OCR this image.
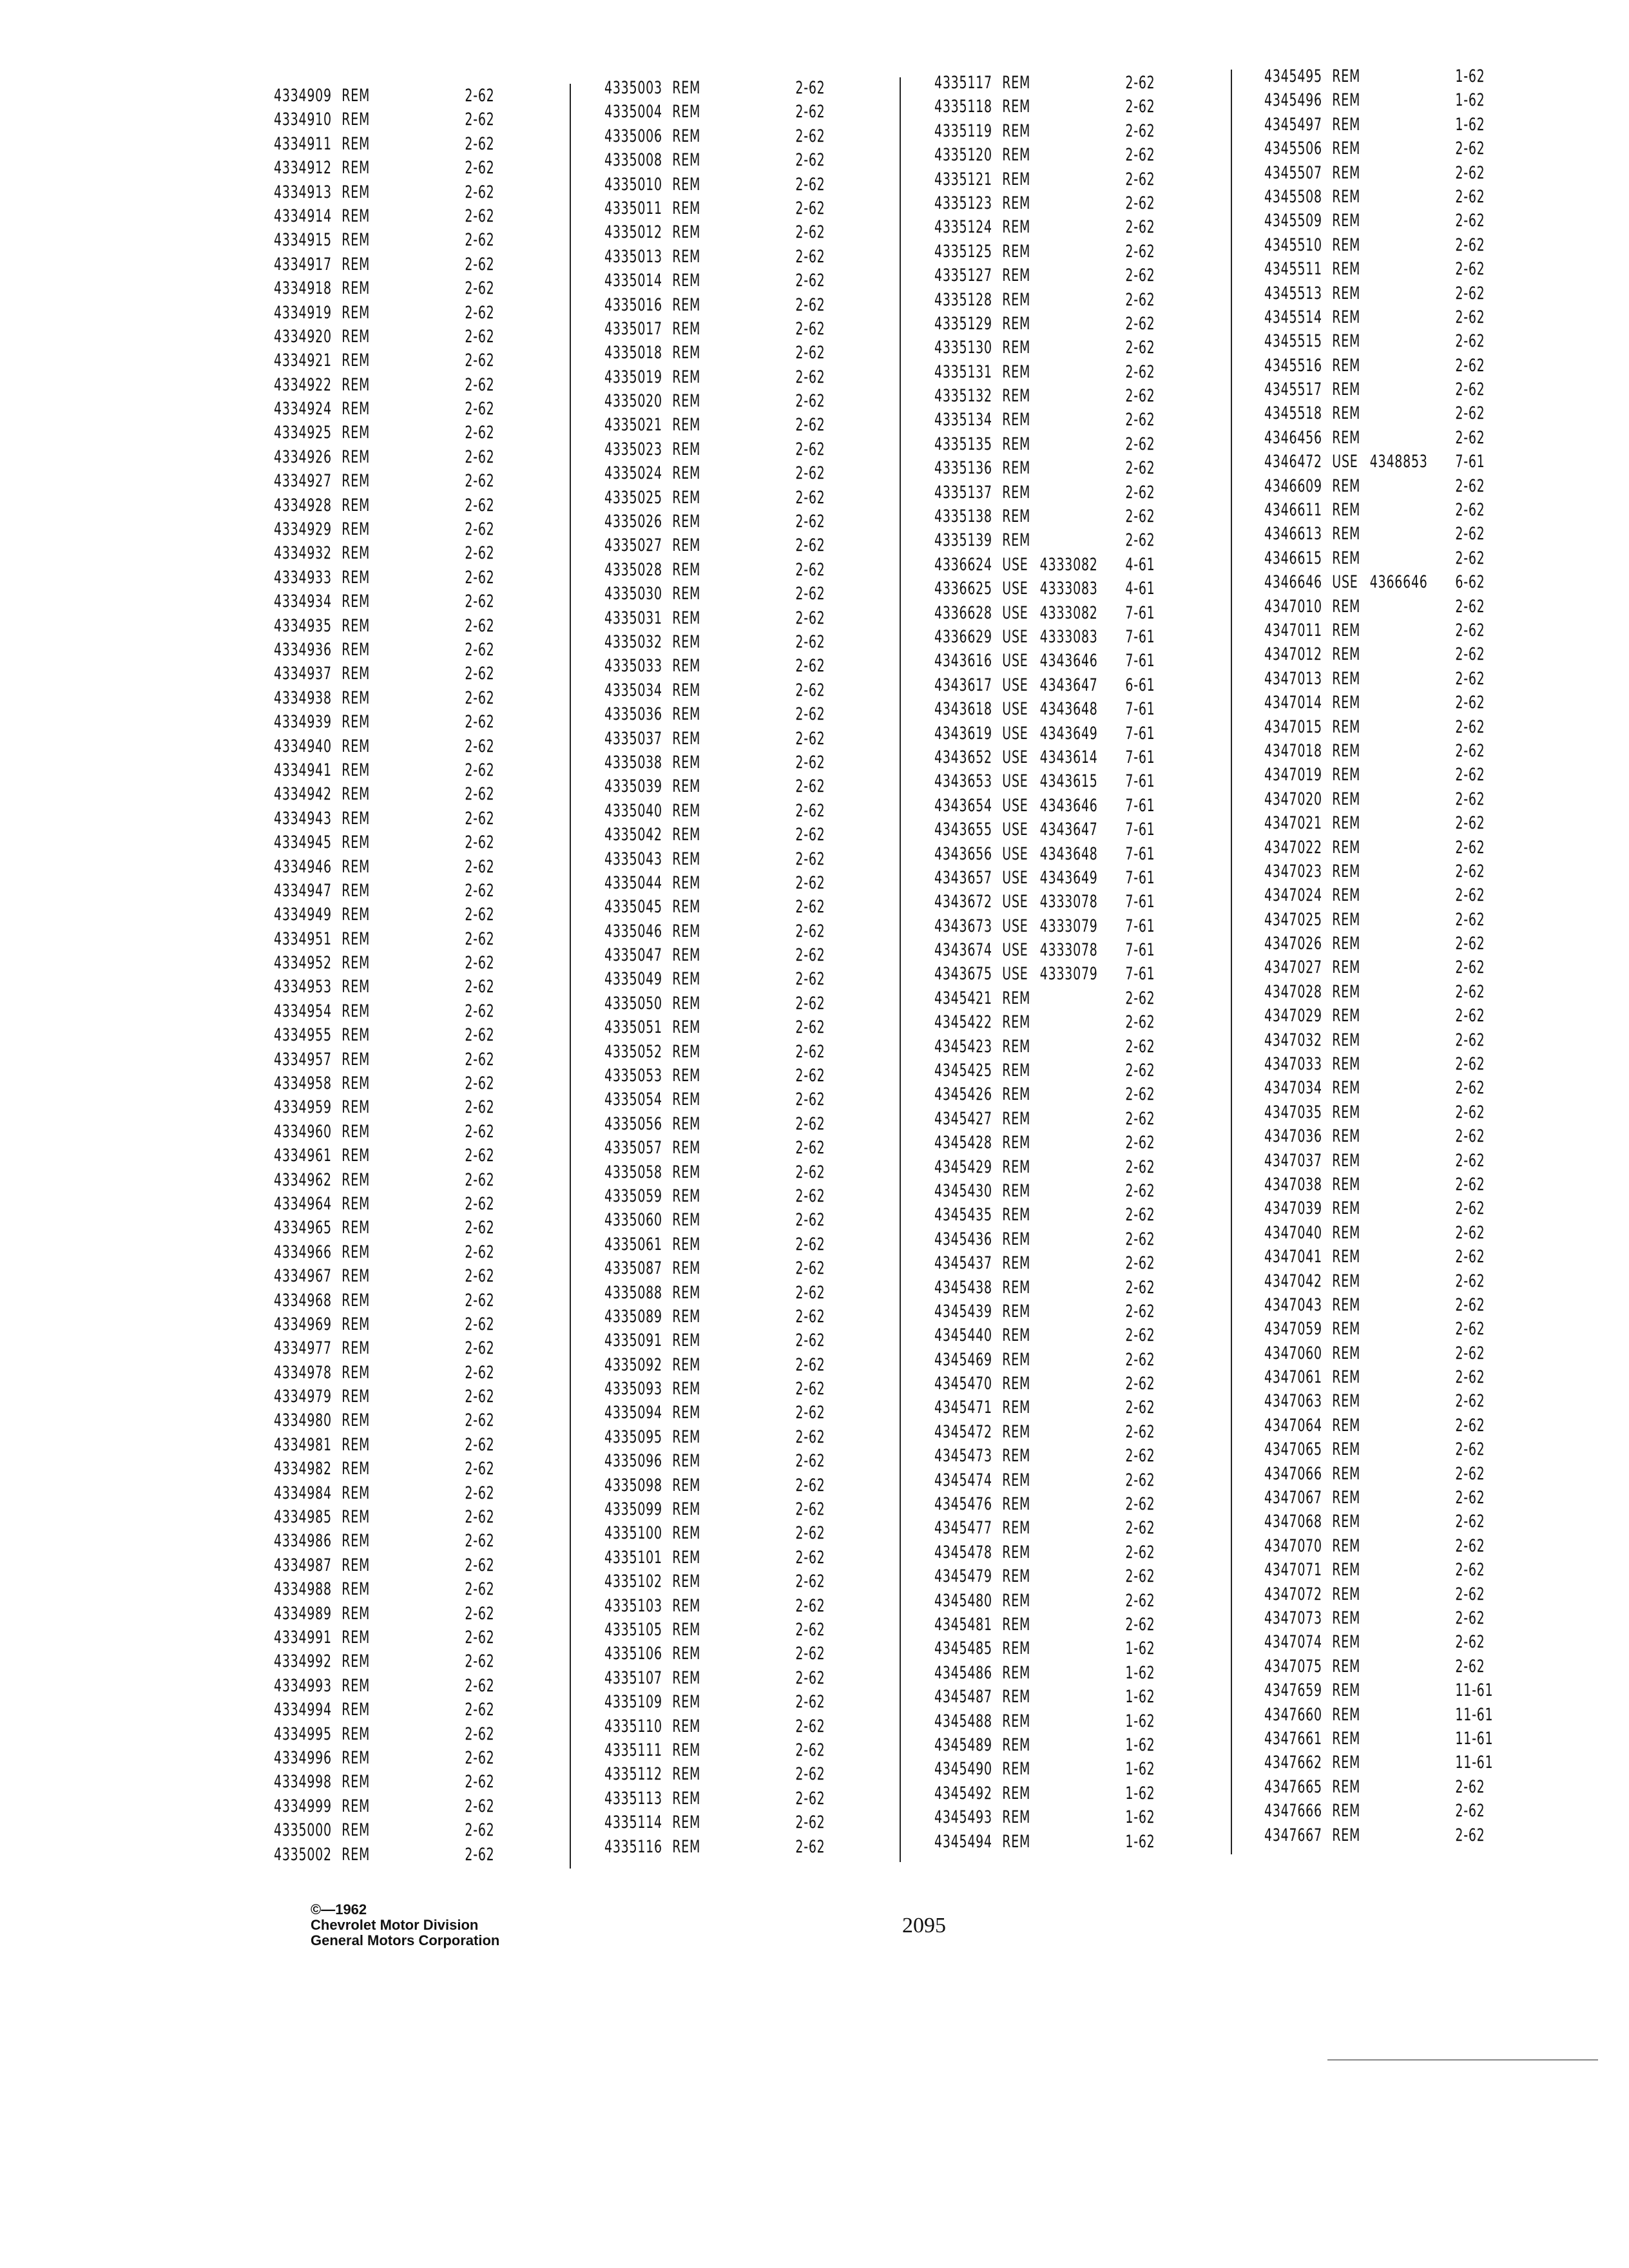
4334909 REM	2-62
4334910 REM	2-62
4334911 REM	2-62
4334912 REM	2-62
4334913 REM	2-62
4334914 REM	2-62
4334915 REM	2-62
4334917 REM	2-62
4334918 REM	2-62
4334919 REM	2-62
4334920 REM	2-62
4334921 REM	2-62
4334922 REM	2-62
4334924 REM	2-62
4334925 REM	2-62
4334926 REM	2-62
4334927 REM	2-62
4334928 REM	2-62
4334929 REM	2-62
4334932 REM	2-62
4334933 REM	2-62
4334934 REM	2-62
4334935 REM	2-62
4334936 REM	2-62
4334937 REM	2-62
4334938 REM	2-62
4334939 REM	2-62
4334940 REM	2-62
4334941 REM	2-62
4334942 REM	2-62
4334943 REM	2-62
4334945 REM	2-62
4334946 REM	2-62
4334947 REM	2-62
4334949 REM	2-62
4334951 REM	2-62
4334952 REM	2-62
4334953 REM	2-62
4334954 REM	2-62
4334955 REM	2-62
4334957 REM	2-62
4334958 REM	2-62
4334959 REM	2-62
4334960 REM	2-62
4334961 REM	2-62
4334962 REM	2-62
4334964 REM	2-62
4334965 REM	2-62
4334966 REM	2-62
4334967 REM	2-62
4334968 REM	2-62
4334969 REM	2-62
4334977 REM	2-62
4334978 REM	2-62
4334979 REM	2-62
4334980 REM	2-62
4334981 REM	2-62
4334982 REM	2-62
4334984 REM	2-62
4334985 REM	2-62
4334986 REM	2-62
4334987 REM	2-62
4334988 REM	2-62
4334989 REM	2-62
4334991 REM	2-62
4334992 REM	2-62
4334993 REM	2-62
4334994 REM	2-62
4334995 REM	2-62
4334996 REM	2-62
4334998 REM	2-62
4334999 REM	2-62
4335000 REM	2-62
4335002 REM	2-62
4335003 REM	2-62
4335004 REM	2-62
4335006 REM	2-62
4335008 REM	2-62
4335010 REM	2-62
4335011 REM	2-62
4335012 REM	2-62
4335013 REM	2-62
4335014 REM	2-62
4335016 REM	2-62
4335017 REM	2-62
4335018 REM	2-62
4335019 REM	2-62
4335020 REM	2-62
4335021 REM	2-62
4335023 REM	2-62
4335024 REM	2-62
4335025 REM	2-62
4335026 REM	2-62
4335027 REM	2-62
4335028 REM	2-62
4335030 REM	2-62
4335031 REM	2-62
4335032 REM	2-62
4335033 REM	2-62
4335034 REM	2-62
4335036 REM	2-62
4335037 REM	2-62
4335038 REM	2-62
4335039 REM	2-62
4335040 REM	2-62
4335042 REM	2-62
4335043 REM	2-62
4335044 REM	2-62
4335045 REM	2-62
4335046 REM	2-62
4335047 REM	2-62
4335049 REM	2-62
4335050 REM	2-62
4335051 REM	2-62
4335052 REM	2-62
4335053 REM	2-62
4335054 REM	2-62
4335056 REM	2-62
4335057 REM	2-62
4335058 REM	2-62
4335059 REM	2-62
4335060 REM	2-62
4335061 REM	2-62
4335087 REM	2-62
4335088 REM	2-62
4335089 REM	2-62
4335091 REM	2-62
4335092 REM	2-62
4335093 REM	2-62
4335094 REM	2-62
4335095 REM	2-62
4335096 REM	2-62
4335098 REM	2-62
4335099 REM	2-62
4335100 REM	2-62
4335101 REM	2-62
4335102 REM	2-62
4335103 REM	2-62
4335105 REM	2-62
4335106 REM	2-62
4335107 REM	2-62
4335109 REM	2-62
4335110 REM	2-62
4335111 REM	2-62
4335112 REM	2-62
4335113 REM	2-62
4335114 REM	2-62
4335116 REM	2-62
4335117 REM	2-62
4335118 REM	2-62
4335119 REM	2-62
4335120 REM	2-62
4335121 REM	2-62
4335123 REM	2-62
4335124 REM	2-62
4335125 REM	2-62
4335127 REM	2-62
4335128 REM	2-62
4335129 REM	2-62
4335130 REM	2-62
4335131 REM	2-62
4335132 REM	2-62
4335134 REM	2-62
4335135 REM	2-62
4335136 REM	2-62
4335137 REM	2-62
4335138 REM	2-62
4335139 REM	2-62
4336624 USE 4333082 4-61
4336625 USE 4333083 4-61
4336628 USE 4333082 7-61
4336629 USE 4333083 7-61
4343616 USE 4343646 7-61
4343617 USE 4343647 6-61
4343618 USE 4343648 7-61
4343619 USE 4343649 7-61
4343652 USE 4343614 7-61
4343653 USE 4343615 7-61
4343654 USE 4343646 7-61
4343655 USE 4343647 7-61
4343656 USE 4343648 7-61
4343657 USE 4343649 7-61
4343672 USE 4333078 7-61
4343673 USE 4333079 7-61
4343674 USE 4333078 7-61
4343675 USE 4333079 7-61
4345421 REM	2-62
4345422 REM	2-62
4345423 REM	2-62
4345425 REM	2-62
4345426 REM	2-62
4345427 REM	2-62
4345428 REM	2-62
4345429 REM	2-62
4345430 REM	2-62
4345435 REM	2-62
4345436 REM	2-62
4345437 REM	2-62
4345438 REM	2-62
4345439 REM	2-62
4345440 REM	2-62
4345469 REM	2-62
4345470 REM	2-62
4345471 REM	2-62
4345472 REM	2-62
4345473 REM	2-62
4345474 REM	2-62
4345476 REM	2-62
4345477 REM	2-62
4345478 REM	2-62
4345479 REM	2-62
4345480 REM	2-62
4345481 REM	2-62
4345485 REM	1-62
4345486 REM	1-62
4345487 REM	1-62
4345488 REM	1-62
4345489 REM	1-62
4345490 REM	1-62
4345492 REM	1-62
4345493 REM	1-62
4345494 REM	1-62
4345495 REM	1-62
4345496 REM	1-62
4345497 REM	1-62
4345506 REM	2-62
4345507 REM	2-62
4345508 REM	2-62
4345509 REM	2-62
4345510 REM	2-62
4345511 REM	2-62
4345513 REM	2-62
4345514 REM	2-62
4345515 REM	2-62
4345516 REM	2-62
4345517 REM	2-62
4345518 REM	2-62
4346456 REM	2-62
4346472 USE 4348853 7-61
4346609 REM	2-62
4346611 REM	2-62
4346613 REM	2-62
4346615 REM	2-62
4346646 USE 4366646 6-62
4347010 REM	2-62
4347011 REM	2-62
4347012 REM	2-62
4347013 REM	2-62
4347014 REM	2-62
4347015 REM	2-62
4347018 REM	2-62
4347019 REM	2-62
4347020 REM	2-62
4347021 REM	2-62
4347022 REM	2-62
4347023 REM	2-62
4347024 REM	2-62
4347025 REM	2-62
4347026 REM	2-62
4347027 REM	2-62
4347028 REM	2-62
4347029 REM	2-62
4347032 REM	2-62
4347033 REM	2-62
4347034 REM	2-62
4347035 REM	2-62
4347036 REM	2-62
4347037 REM	2-62
4347038 REM	2-62
4347039 REM	2-62
4347040 REM	2-62
4347041 REM	2-62
4347042 REM	2-62
4347043 REM	2-62
4347059 REM	2-62
4347060 REM	2-62
4347061 REM	2-62
4347063 REM	2-62
4347064 REM	2-62
4347065 REM	2-62
4347066 REM	2-62
4347067 REM	2-62
4347068 REM	2-62
4347070 REM	2-62
4347071 REM	2-62
4347072 REM	2-62
4347073 REM	2-62
4347074 REM	2-62
4347075 REM	2-62
4347659 REM	11-61
4347660 REM	11-61
4347661 REM	11-61
4347662 REM	11-61
4347665 REM	2-62
4347666 REM	2-62
4347667 REM	2-62
©—1962
Chevrolet Motor Division
General Motors Corporation
2095
